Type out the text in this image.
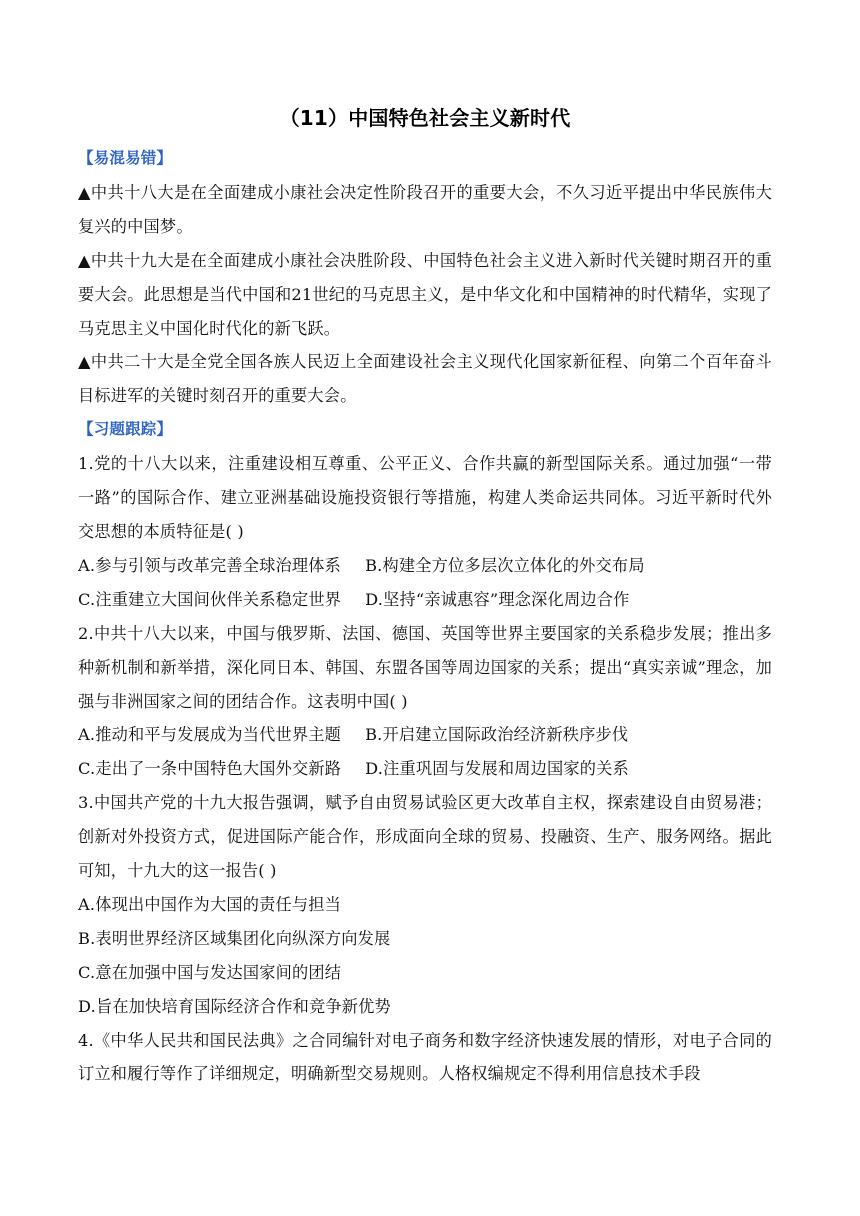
（11）中国特色社会主义新时代
【易混易错】

▲中共十八大是在全面建成小康社会决定性阶段召开的重要大会，不久习近平提出中华民族伟大复兴的中国梦。

▲中共十九大是在全面建成小康社会决胜阶段、中国特色社会主义进入新时代关键时期召开的重要大会。此思想是当代中国和21世纪的马克思主义，是中华文化和中国精神的时代精华，实现了马克思主义中国化时代化的新飞跃。

▲中共二十大是全党全国各族人民迈上全面建设社会主义现代化国家新征程、向第二个百年奋斗目标进军的关键时刻召开的重要大会。

【习题跟踪】

1.党的十八大以来，注重建设相互尊重、公平正义、合作共赢的新型国际关系。通过加强“一带一路”的国际合作、建立亚洲基础设施投资银行等措施，构建人类命运共同体。习近平新时代外交思想的本质特征是( )

A.参与引领与改革完善全球治理体系 B.构建全方位多层次立体化的外交布局
C.注重建立大国间伙伴关系稳定世界 D.坚持“亲诚惠容”理念深化周边合作

2.中共十八大以来，中国与俄罗斯、法国、德国、英国等世界主要国家的关系稳步发展；推出多种新机制和新举措，深化同日本、韩国、东盟各国等周边国家的关系；提出“真实亲诚”理念，加强与非洲国家之间的团结合作。这表明中国( )

A.推动和平与发展成为当代世界主题 B.开启建立国际政治经济新秩序步伐
C.走出了一条中国特色大国外交新路 D.注重巩固与发展和周边国家的关系

3.中国共产党的十九大报告强调，赋予自由贸易试验区更大改革自主权，探索建设自由贸易港；创新对外投资方式，促进国际产能合作，形成面向全球的贸易、投融资、生产、服务网络。据此可知，十九大的这一报告( )

A.体现出中国作为大国的责任与担当

B.表明世界经济区域集团化向纵深方向发展

C.意在加强中国与发达国家间的团结

D.旨在加快培育国际经济合作和竞争新优势

4.《中华人民共和国民法典》之合同编针对电子商务和数字经济快速发展的情形，对电子合同的订立和履行等作了详细规定，明确新型交易规则。人格权编规定不得利用信息技术手段
